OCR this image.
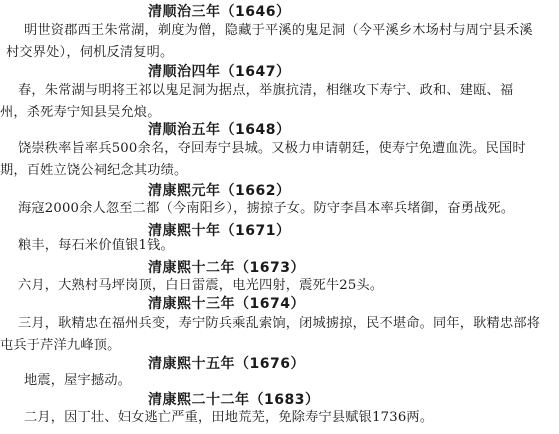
清顺治三年（1646）
明世资郡西王朱常湖，剃度为僧，隐藏于平溪的鬼足洞（今平溪乡木场村与周宁县禾溪村交界处），伺机反清复明。
清顺治四年（1647）
春，朱常湖与明将王祁以鬼足洞为据点，举旗抗清，相继攻下寿宁、政和、建瓯、福州，杀死寿宁知县吴允烺。
清顺治五年（1648）
饶崇秩率旨率兵500余名，夺回寿宁县城。又极力申请朝廷，使寿宁免遭血洗。民国时期，百姓立饶公祠纪念其功绩。
清康熙元年（1662）
海寇2000余人忽至二都（今南阳乡），掳掠子女。防守李昌本率兵堵御，奋勇战死。
清康熙十年（1671）
粮丰，每石米价值银1钱。
清康熙十二年（1673）
六月，大熟村马坪岗顶，白日雷震，电光四射，震死牛25头。
清康熙十三年（1674）
三月，耿精忠在福州兵变，寿宁防兵乘乱索饷，闭城掳掠，民不堪命。同年，耿精忠部将屯兵于芹洋九峰顶。
清康熙十五年（1676）
地震，屋宇撼动。
清康熙二十二年（1683）
二月，因丁壮、妇女逃亡严重，田地荒芜，免除寿宁县赋银1736两。
